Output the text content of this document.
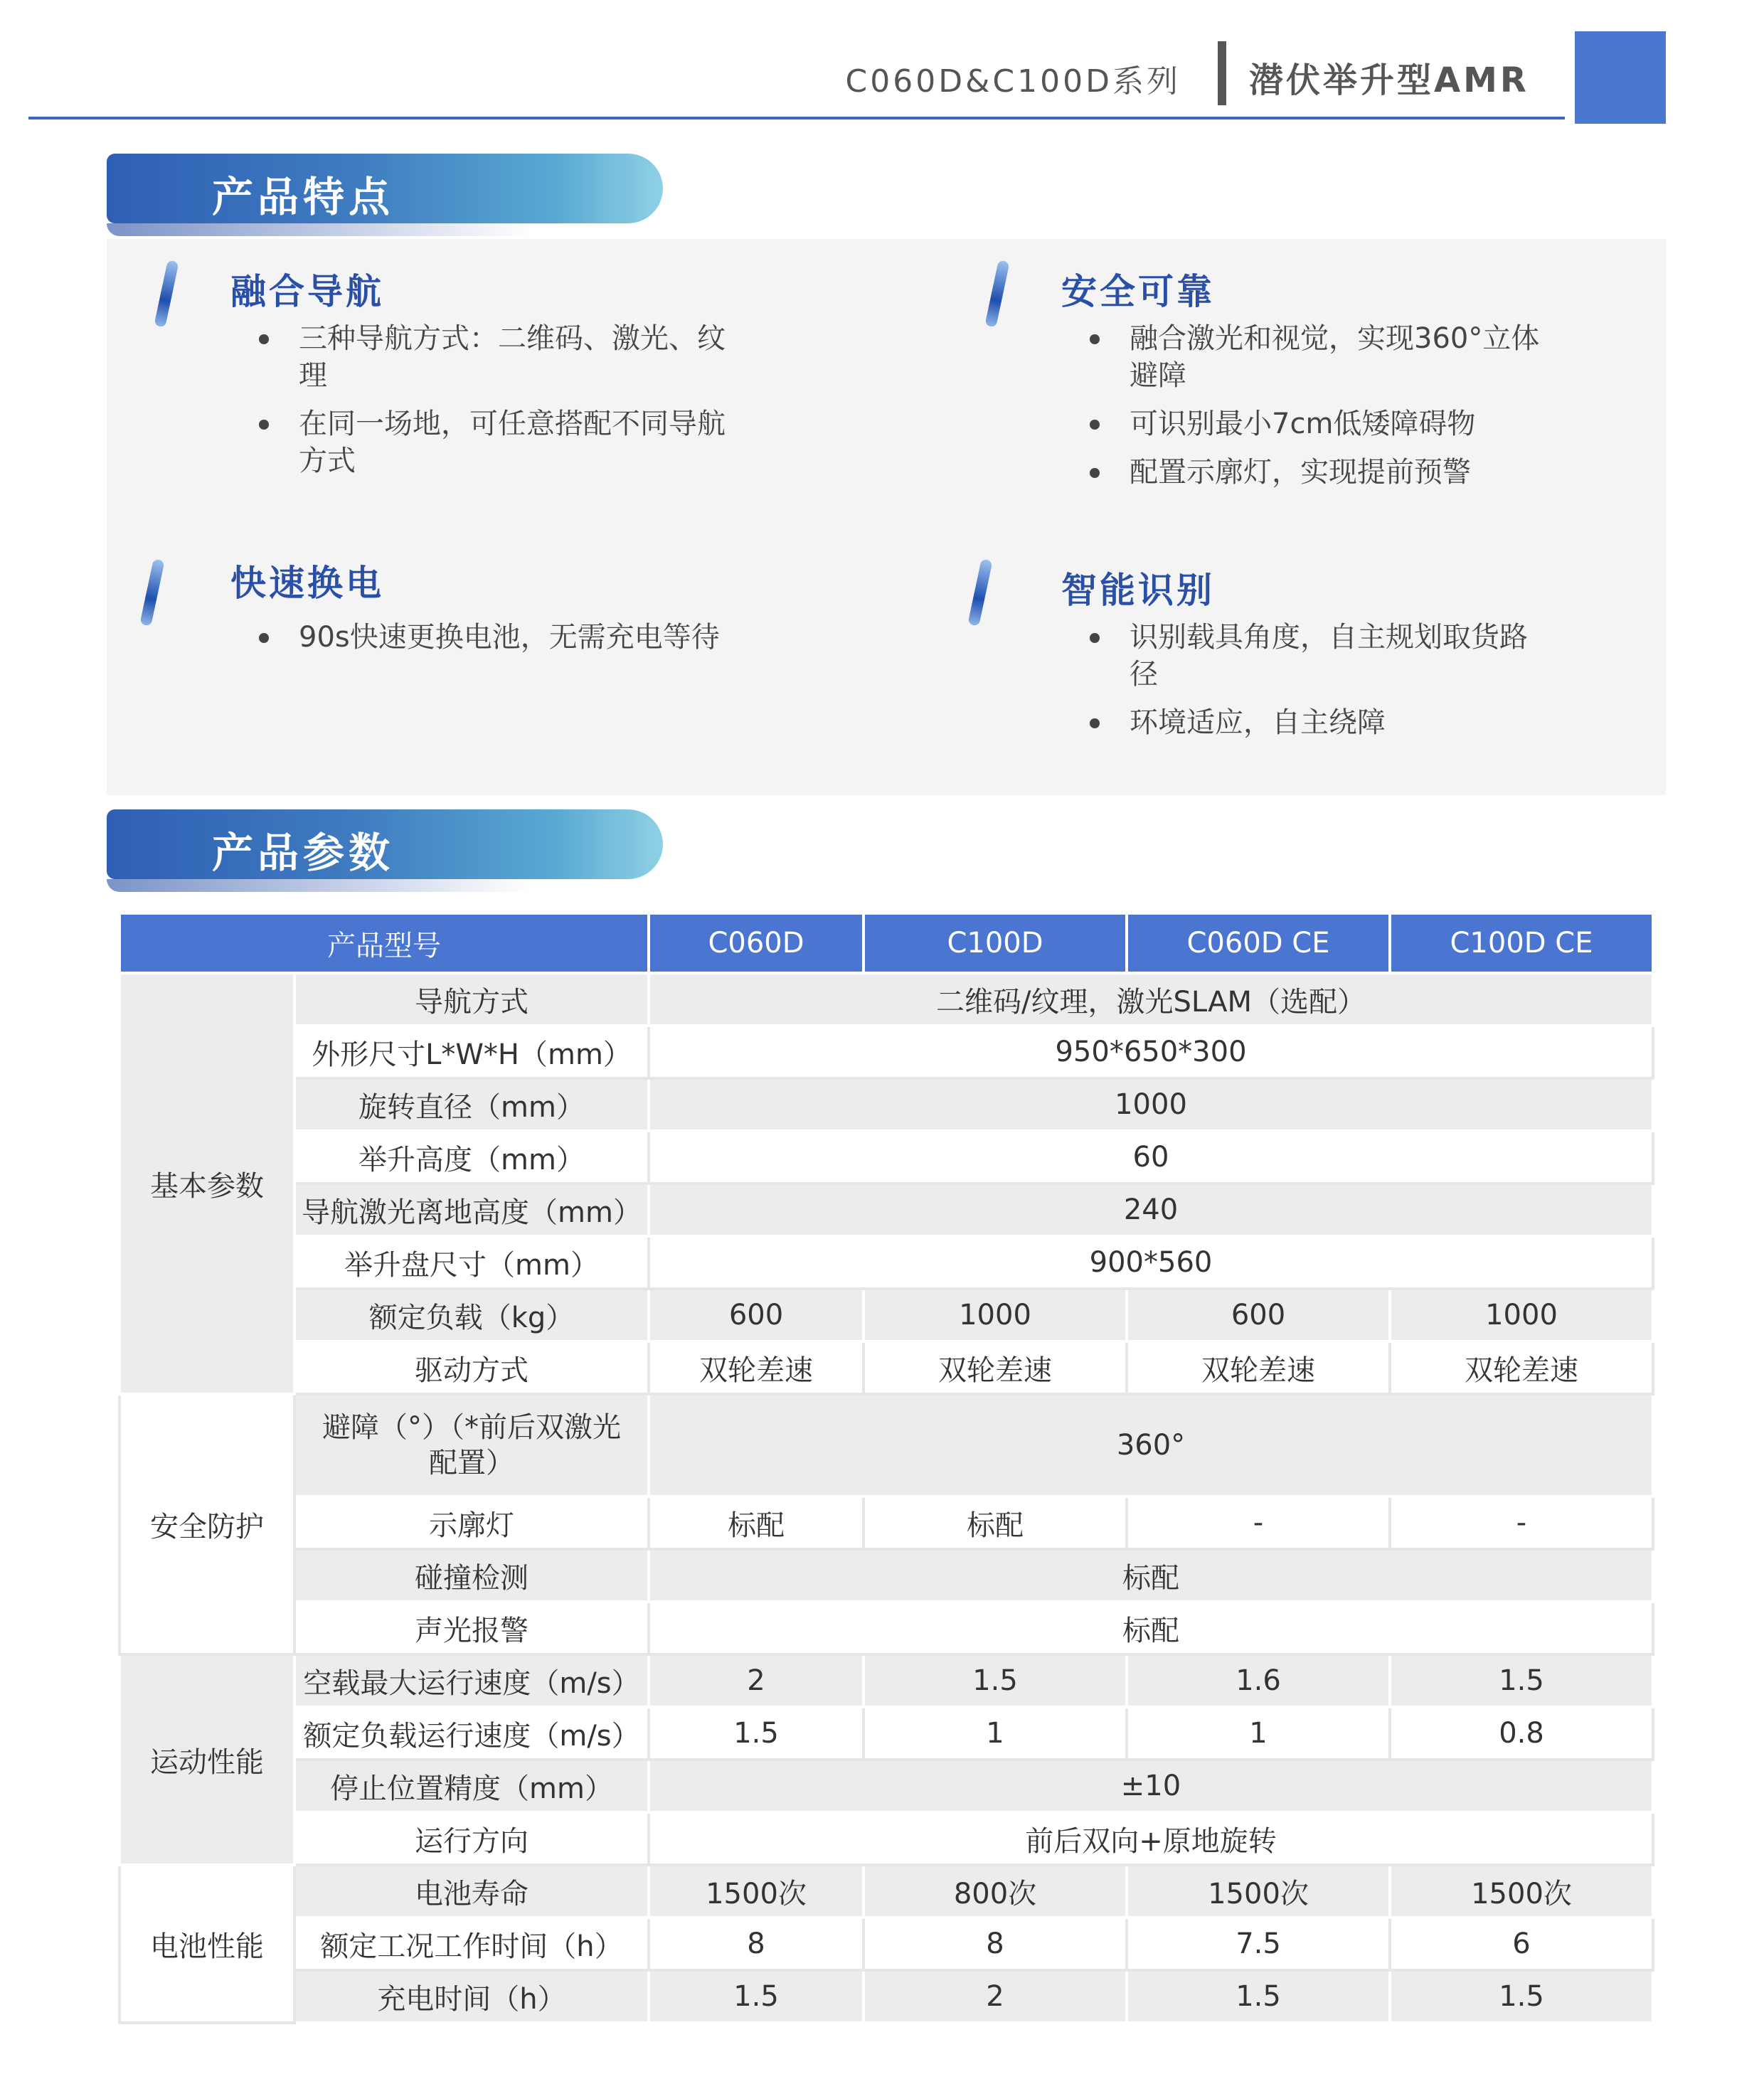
C060D&C100D系列 潜伏举升型AMR
产品特点
融合导航
三种导航方式：二维码、激光、纹理
在同一场地，可任意搭配不同导航方式
安全可靠
融合激光和视觉，实现360°立体避障
可识别最小7cm低矮障碍物
配置示廓灯，实现提前预警
快速换电
90s快速更换电池，无需充电等待
智能识别
识别载具角度，自主规划取货路径
环境适应，自主绕障
产品参数
产品型号		C060D	C100D	C060D CE	C100D CE
基本参数	导航方式	二维码/纹理，激光SLAM（选配）			
	外形尺寸L*W*H（mm）	950*650*300			
	旋转直径（mm）	1000			
	举升高度（mm）	60			
	导航激光离地高度（mm）	240			
	举升盘尺寸（mm）	900*560			
	额定负载（kg）	600	1000	600	1000
	驱动方式	双轮差速	双轮差速	双轮差速	双轮差速
安全防护	避障（°）（*前后双激光配置）	360°			
	示廓灯	标配	标配	-	-
	碰撞检测	标配			
	声光报警	标配			
运动性能	空载最大运行速度（m/s）	2	1.5	1.6	1.5
	额定负载运行速度（m/s）	1.5	1	1	0.8
	停止位置精度（mm）	±10			
	运行方向	前后双向+原地旋转			
电池性能	电池寿命	1500次	800次	1500次	1500次
	额定工况工作时间（h）	8	8	7.5	6
	充电时间（h）	1.5	2	1.5	1.5
